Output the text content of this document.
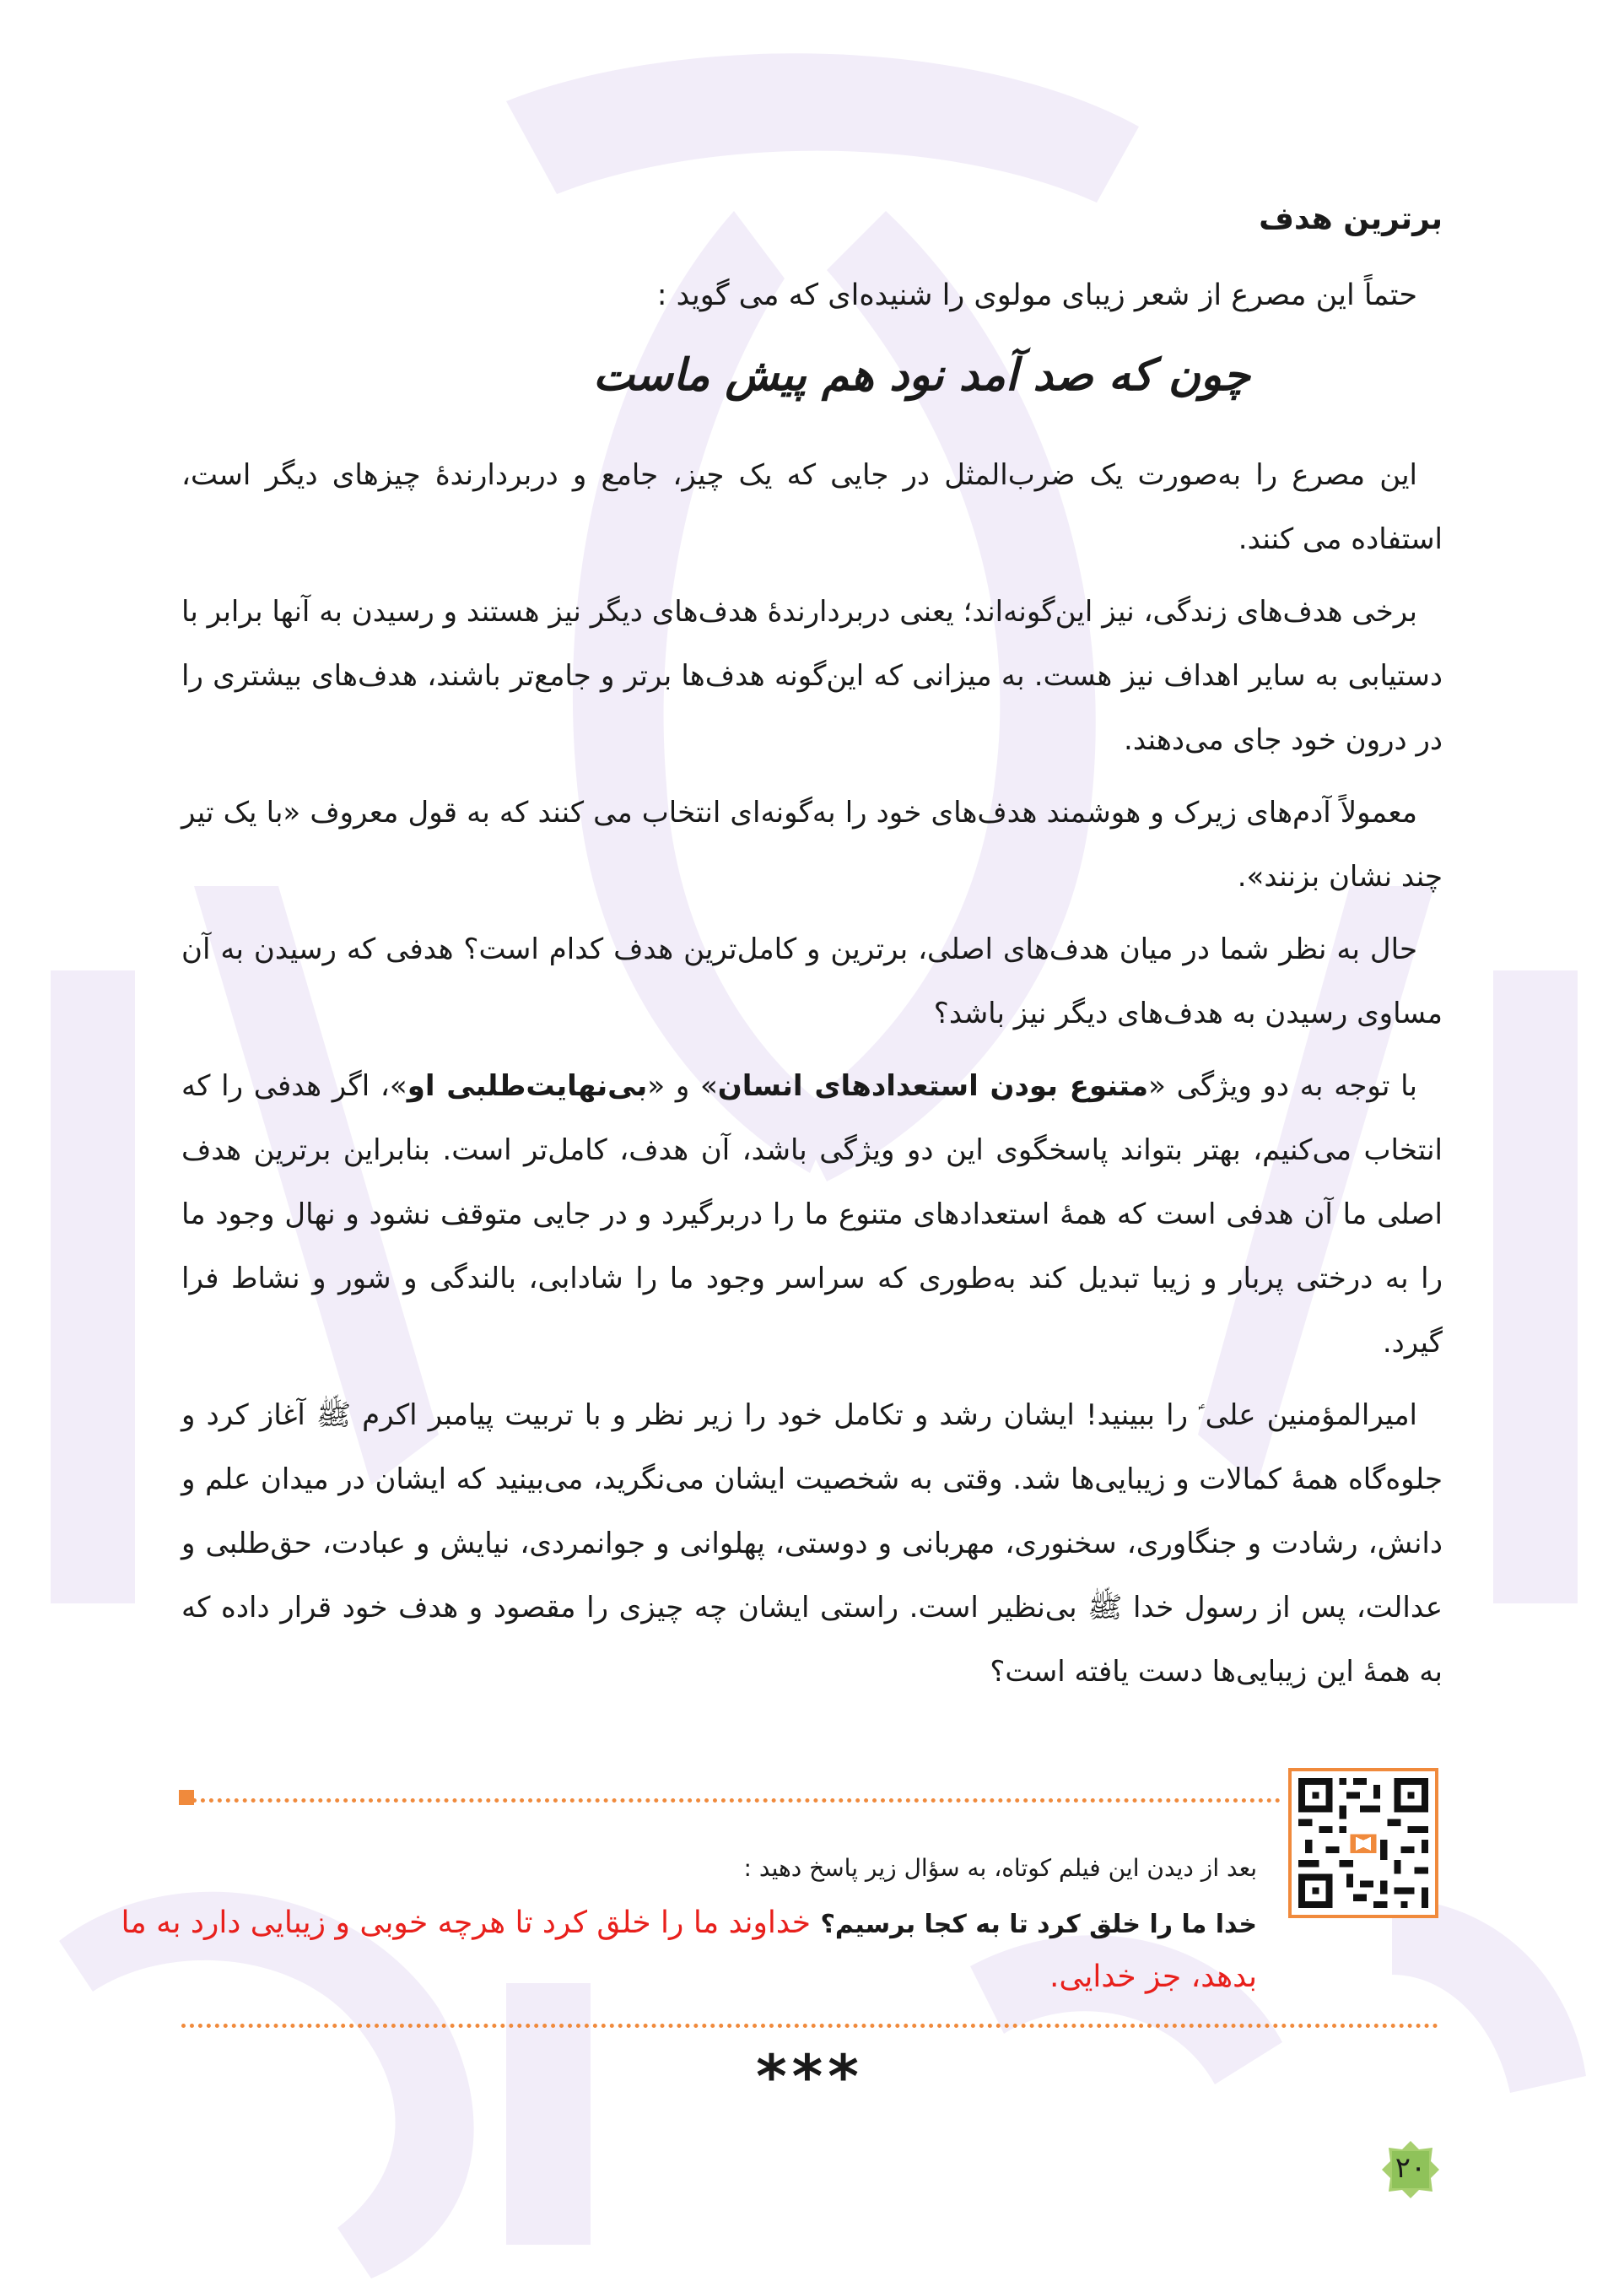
برترین هدف
حتماً این مصرع از شعر زیبای مولوی را شنیده‌ای که می گوید :
چون که صد آمد نود هم پیش ماست

این مصرع را به‌صورت یک ضرب‌المثل در جایی که یک چیز، جامع و دربردارندۀ چیزهای دیگر است، استفاده می کنند.

برخی هدف‌های زندگی، نیز این‌گونه‌اند؛ یعنی دربردارندۀ هدف‌های دیگر نیز هستند و رسیدن به آنها برابر با دستیابی به سایر اهداف نیز هست. به میزانی که این‌گونه هدف‌ها برتر و جامع‌تر باشند، هدف‌های بیشتری را در درون خود جای می‌دهند.

معمولاً آدم‌های زیرک و هوشمند هدف‌های خود را به‌گونه‌ای انتخاب می کنند که به قول معروف «با یک تیر چند نشان بزنند».

حال به نظر شما در میان هدف‌های اصلی، برترین و کامل‌ترین هدف کدام است؟ هدفی که رسیدن به آن مساوی رسیدن به هدف‌های دیگر نیز باشد؟

با توجه به دو ویژگی «متنوع بودن استعدادهای انسان» و «بی‌نهایت‌طلبی او»، اگر هدفی را که انتخاب می‌کنیم، بهتر بتواند پاسخگوی این دو ویژگی باشد، آن هدف، کامل‌تر است. بنابراین برترین هدف اصلی ما آن هدفی است که همۀ استعدادهای متنوع ما را دربرگیرد و در جایی متوقف نشود و نهال وجود ما را به درختی پربار و زیبا تبدیل کند به‌طوری که سراسر وجود ما را شادابی، بالندگی و شور و نشاط فرا گیرد.

امیرالمؤمنین علی ؑ را ببینید! ایشان رشد و تکامل خود را زیر نظر و با تربیت پیامبر اکرم ﷺ آغاز کرد و جلوه‌گاه همۀ کمالات و زیبایی‌ها شد. وقتی به شخصیت ایشان می‌نگرید، می‌بینید که ایشان در میدان علم و دانش، رشادت و جنگاوری، سخنوری، مهربانی و دوستی، پهلوانی و جوانمردی، نیایش و عبادت، حق‌طلبی و عدالت، پس از رسول خدا ﷺ بی‌نظیر است. راستی ایشان چه چیزی را مقصود و هدف خود قرار داده که به همۀ این زیبایی‌ها دست یافته است؟

بعد از دیدن این فیلم کوتاه، به سؤال زیر پاسخ دهید :
خدا ما را خلق کرد تا به کجا برسیم؟ خداوند ما را خلق کرد تا هرچه خوبی و زیبایی دارد به ما بدهد، جز خدایی.
***
۲۰
